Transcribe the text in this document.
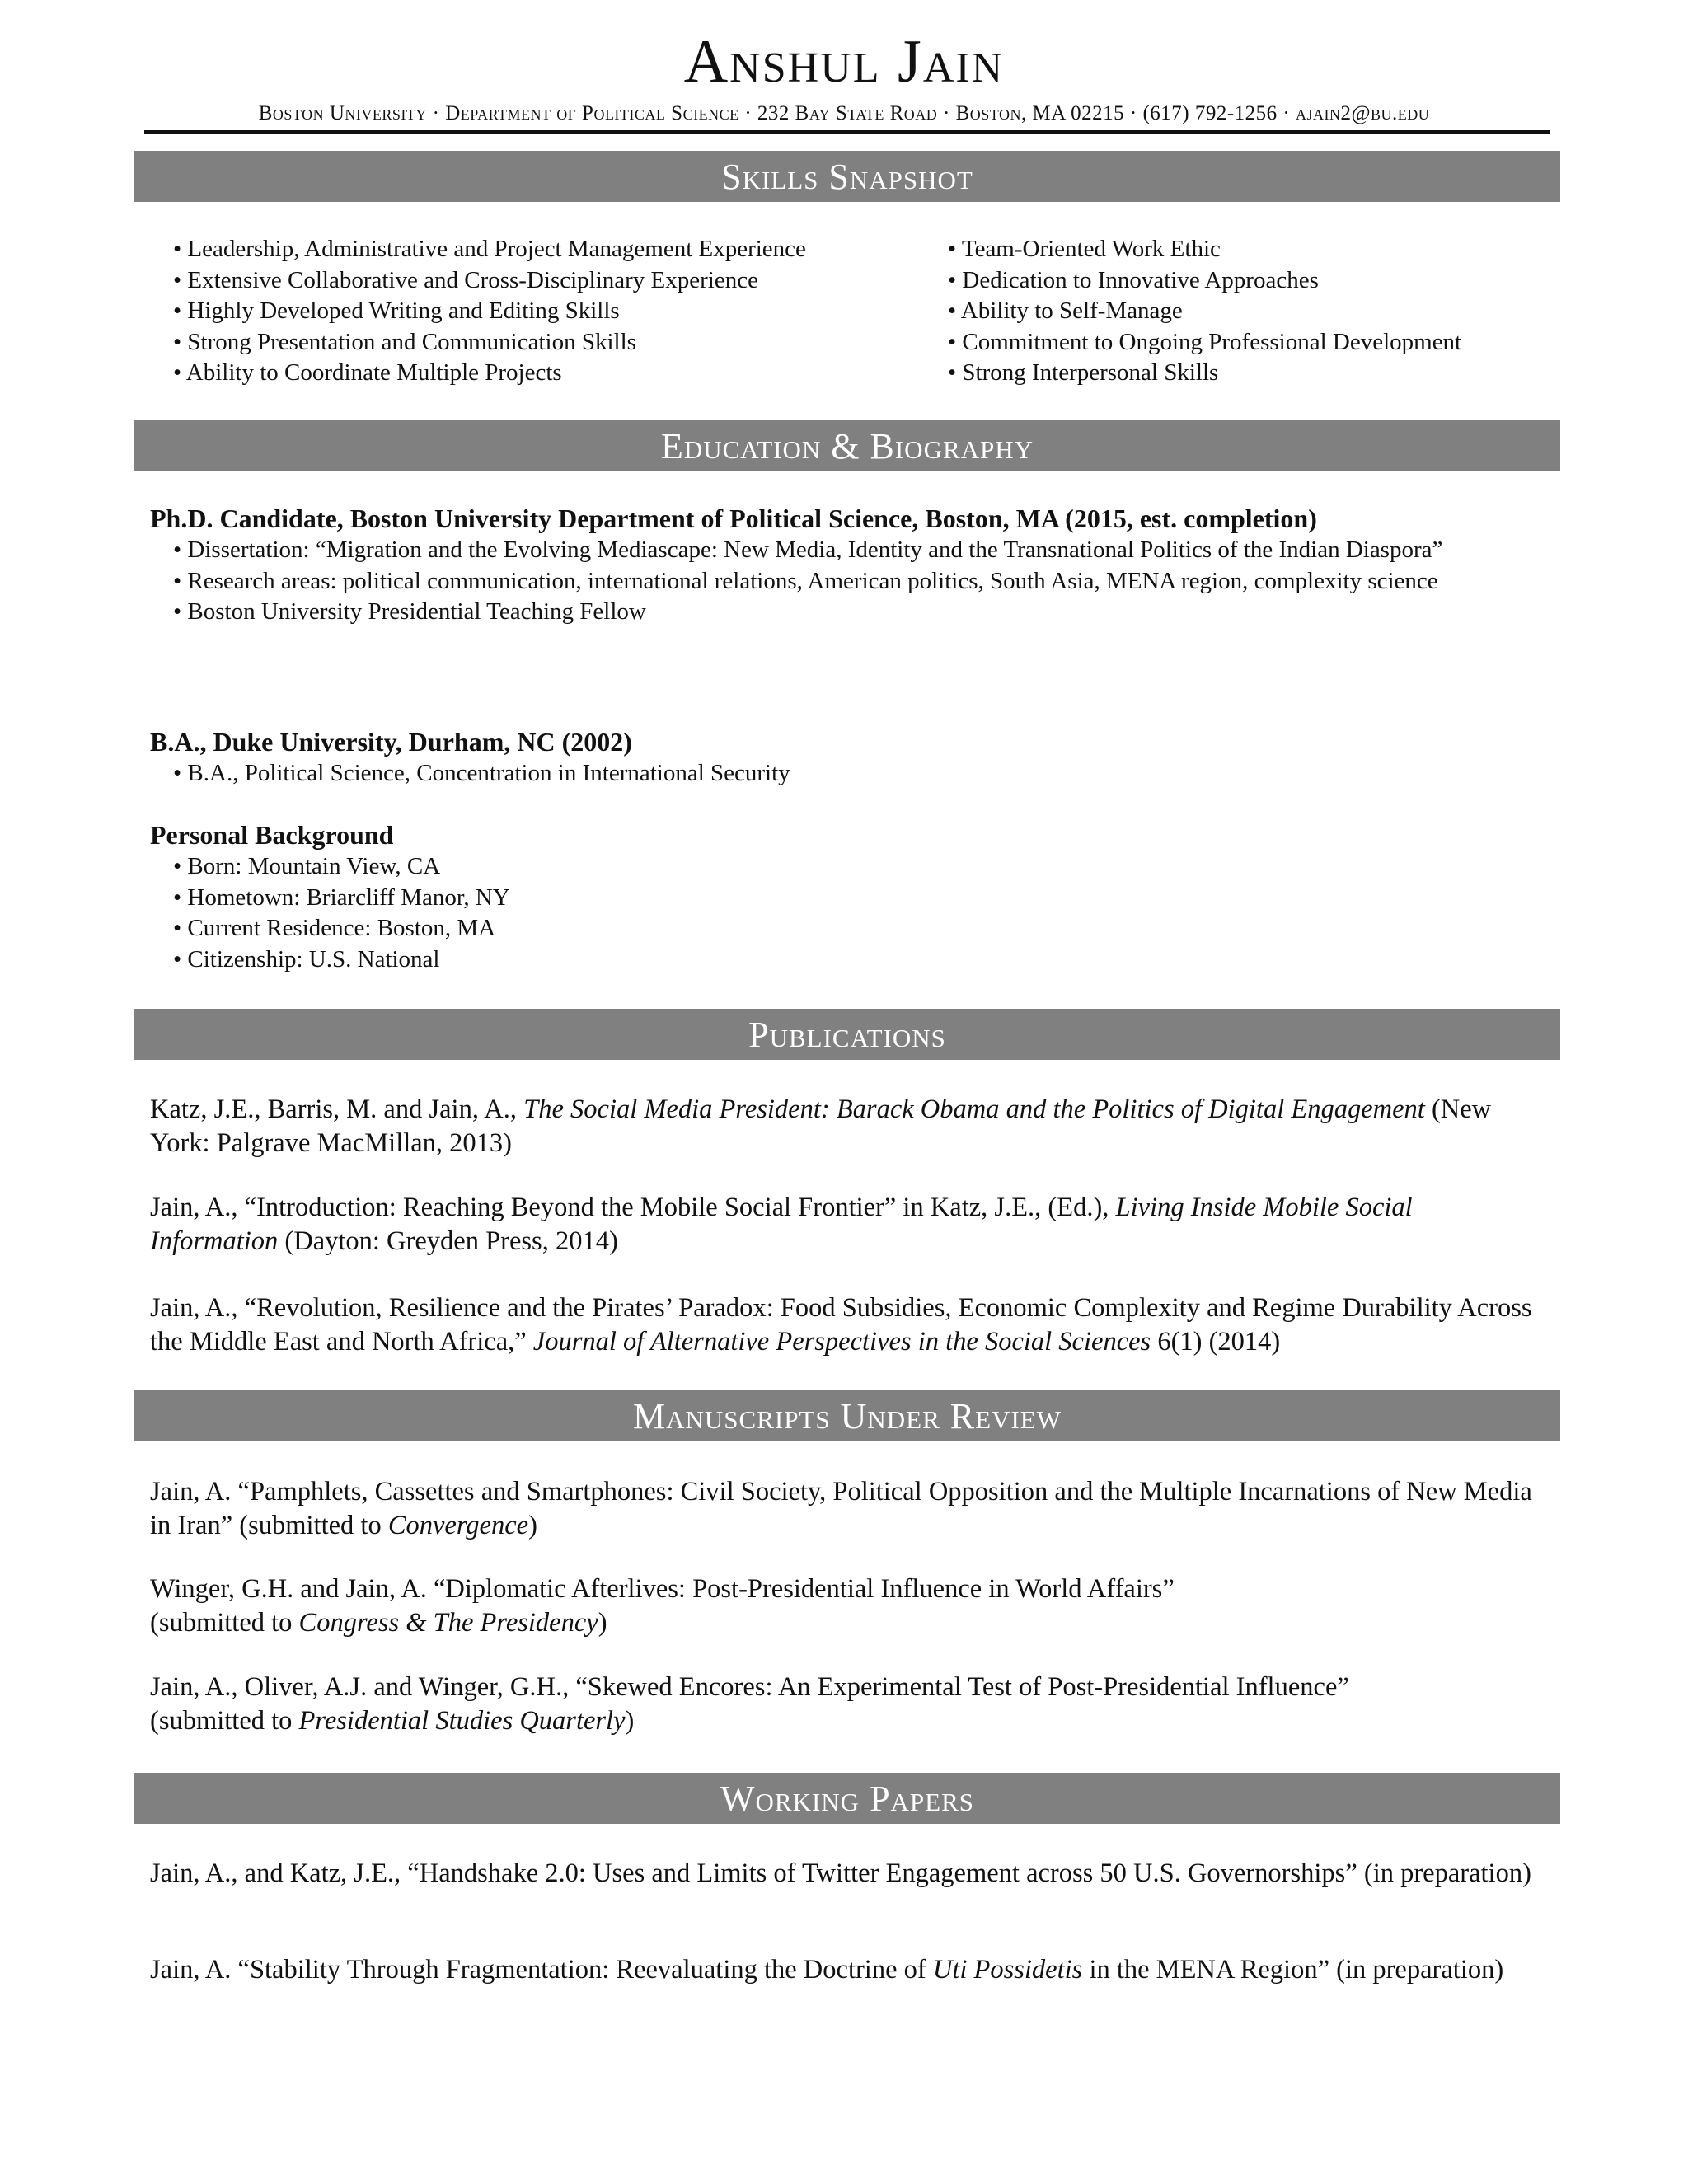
Anshul Jain
Boston University · Department of Political Science · 232 Bay State Road · Boston, MA 02215 · (617) 792-1256 · ajain2@bu.edu
Skills Snapshot
• Leadership, Administrative and Project Management Experience
• Extensive Collaborative and Cross-Disciplinary Experience
• Highly Developed Writing and Editing Skills
• Strong Presentation and Communication Skills
• Ability to Coordinate Multiple Projects
• Team-Oriented Work Ethic
• Dedication to Innovative Approaches
• Ability to Self-Manage
• Commitment to Ongoing Professional Development
• Strong Interpersonal Skills
Education & Biography
Ph.D. Candidate, Boston University Department of Political Science, Boston, MA (2015, est. completion)
• Dissertation: “Migration and the Evolving Mediascape: New Media, Identity and the Transnational Politics of the Indian Diaspora”
• Research areas: political communication, international relations, American politics, South Asia, MENA region, complexity science
• Boston University Presidential Teaching Fellow
B.A., Duke University, Durham, NC (2002)
• B.A., Political Science, Concentration in International Security
Personal Background
• Born: Mountain View, CA
• Hometown: Briarcliff Manor, NY
• Current Residence: Boston, MA
• Citizenship: U.S. National
Publications
Katz, J.E., Barris, M. and Jain, A., The Social Media President: Barack Obama and the Politics of Digital Engagement (New York: Palgrave MacMillan, 2013)
Jain, A., “Introduction: Reaching Beyond the Mobile Social Frontier” in Katz, J.E., (Ed.), Living Inside Mobile Social Information (Dayton: Greyden Press, 2014)
Jain, A., “Revolution, Resilience and the Pirates’ Paradox: Food Subsidies, Economic Complexity and Regime Durability Across the Middle East and North Africa,” Journal of Alternative Perspectives in the Social Sciences 6(1) (2014)
Manuscripts Under Review
Jain, A. “Pamphlets, Cassettes and Smartphones: Civil Society, Political Opposition and the Multiple Incarnations of New Media in Iran” (submitted to Convergence)
Winger, G.H. and Jain, A. “Diplomatic Afterlives: Post-Presidential Influence in World Affairs”
(submitted to Congress & The Presidency)
Jain, A., Oliver, A.J. and Winger, G.H., “Skewed Encores: An Experimental Test of Post-Presidential Influence”
(submitted to Presidential Studies Quarterly)
Working Papers
Jain, A., and Katz, J.E., “Handshake 2.0: Uses and Limits of Twitter Engagement across 50 U.S. Governorships” (in preparation)
Jain, A. “Stability Through Fragmentation: Reevaluating the Doctrine of Uti Possidetis in the MENA Region” (in preparation)
